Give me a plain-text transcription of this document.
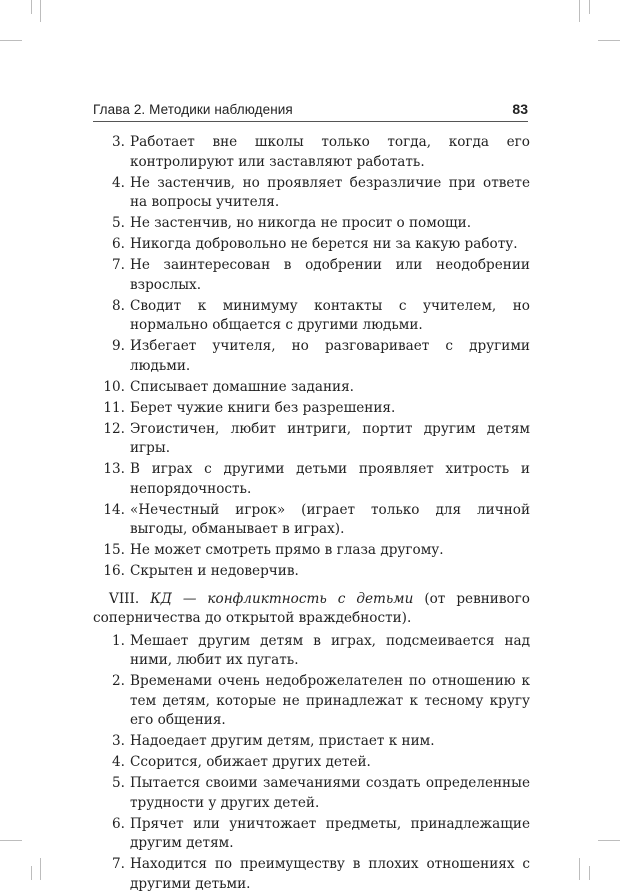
Глава 2. Методики наблюдения	83
3. Работает вне школы только тогда, когда его контролируют или заставляют работать.
4. Не застенчив, но проявляет безразличие при ответе на вопросы учителя.
5. Не застенчив, но никогда не просит о помощи.
6. Никогда добровольно не берется ни за какую работу.
7. Не заинтересован в одобрении или неодобрении взрослых.
8. Сводит к минимуму контакты с учителем, но нормально общается с другими людьми.
9. Избегает учителя, но разговаривает с другими людьми.
10. Списывает домашние задания.
11. Берет чужие книги без разрешения.
12. Эгоистичен, любит интриги, портит другим детям игры.
13. В играх с другими детьми проявляет хитрость и непорядочность.
14. «Нечестный игрок» (играет только для личной выгоды, обманывает в играх).
15. Не может смотреть прямо в глаза другому.
16. Скрытен и недоверчив.
VIII. КД — конфликтность с детьми (от ревнивого соперничества до открытой враждебности).
1. Мешает другим детям в играх, подсмеивается над ними, любит их пугать.
2. Временами очень недоброжелателен по отношению к тем детям, которые не принадлежат к тесному кругу его общения.
3. Надоедает другим детям, пристает к ним.
4. Ссорится, обижает других детей.
5. Пытается своими замечаниями создать определенные трудности у других детей.
6. Прячет или уничтожает предметы, принадлежащие другим детям.
7. Находится по преимуществу в плохих отношениях с другими детьми.
